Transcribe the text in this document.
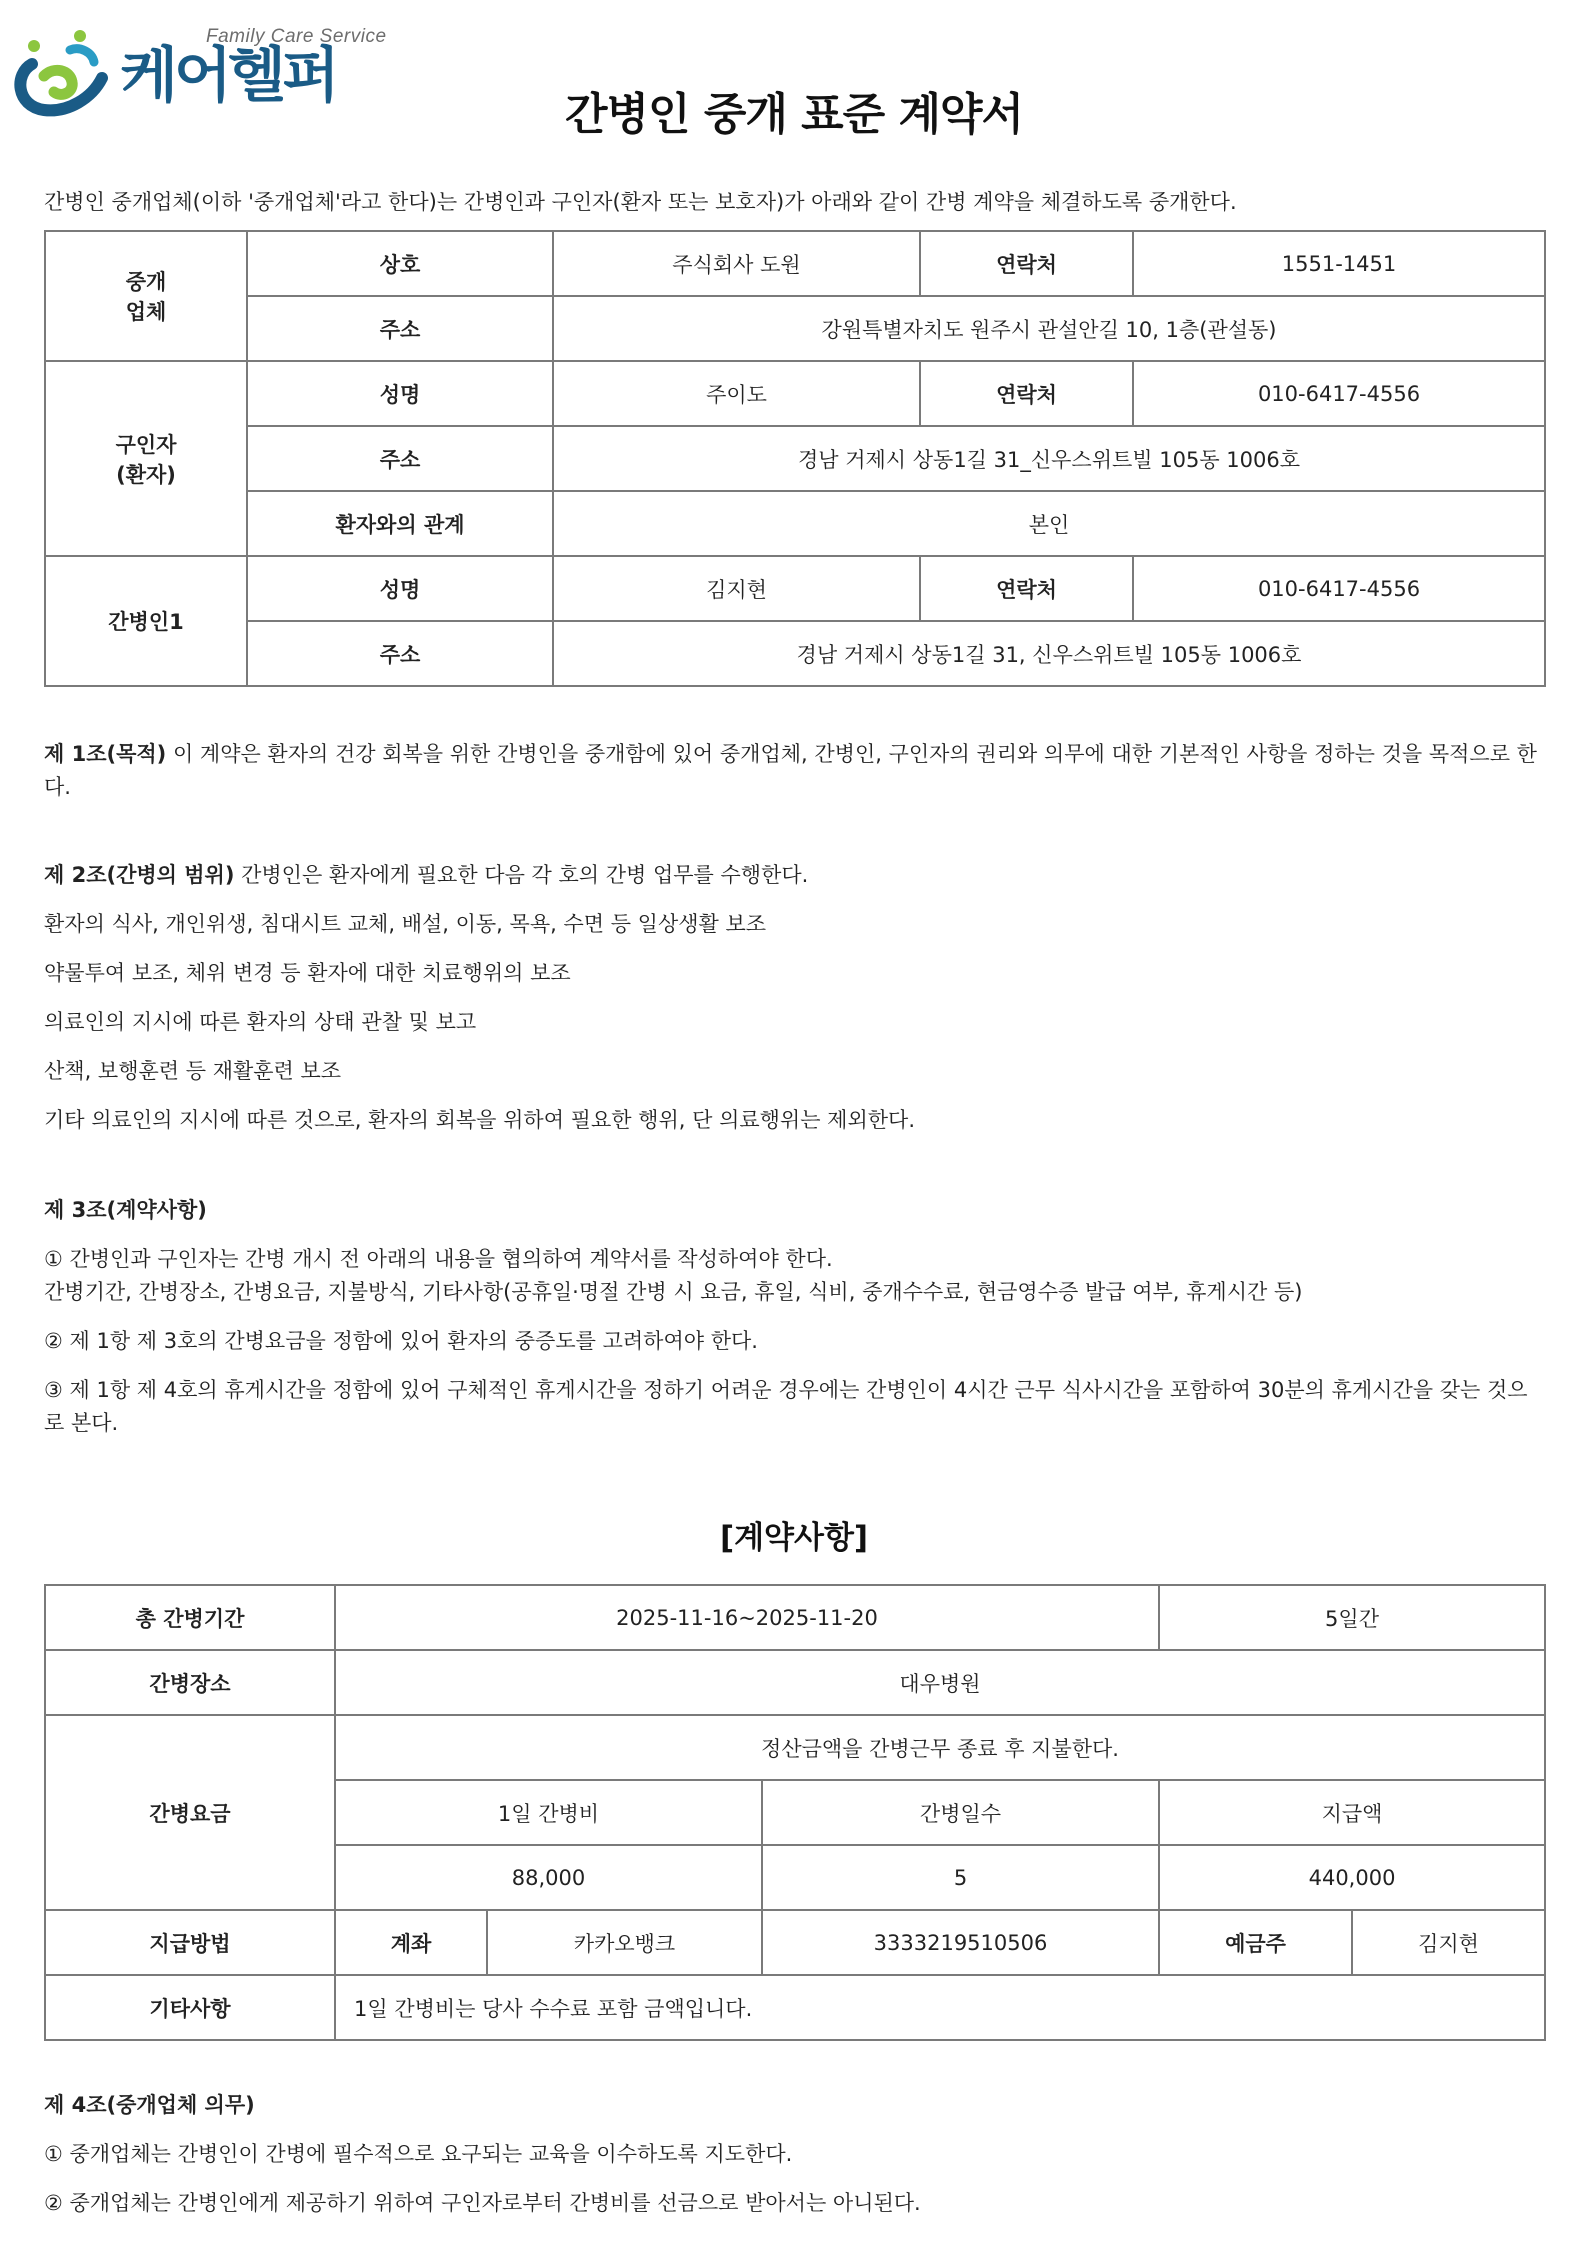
Family Care Service
케어헬퍼
간병인 중개 표준 계약서
간병인 중개업체(이하 '중개업체'라고 한다)는 간병인과 구인자(환자 또는 보호자)가 아래와 같이 간병 계약을 체결하도록 중개한다.
중개
업체	상호	주식회사 도원	연락처	1551-1451
	주소	강원특별자치도 원주시 관설안길 10, 1층(관설동)		
구인자
(환자)	성명	주이도	연락처	010-6417-4556
	주소	경남 거제시 상동1길 31_신우스위트빌 105동 1006호		
	환자와의 관계	본인		
간병인1	성명	김지현	연락처	010-6417-4556
	주소	경남 거제시 상동1길 31, 신우스위트빌 105동 1006호		
제 1조(목적) 이 계약은 환자의 건강 회복을 위한 간병인을 중개함에 있어 중개업체, 간병인, 구인자의 권리와 의무에 대한 기본적인 사항을 정하는 것을 목적으로 한다.
제 2조(간병의 범위) 간병인은 환자에게 필요한 다음 각 호의 간병 업무를 수행한다.
환자의 식사, 개인위생, 침대시트 교체, 배설, 이동, 목욕, 수면 등 일상생활 보조
약물투여 보조, 체위 변경 등 환자에 대한 치료행위의 보조
의료인의 지시에 따른 환자의 상태 관찰 및 보고
산책, 보행훈련 등 재활훈련 보조
기타 의료인의 지시에 따른 것으로, 환자의 회복을 위하여 필요한 행위, 단 의료행위는 제외한다.
제 3조(계약사항)
① 간병인과 구인자는 간병 개시 전 아래의 내용을 협의하여 계약서를 작성하여야 한다.
간병기간, 간병장소, 간병요금, 지불방식, 기타사항(공휴일·명절 간병 시 요금, 휴일, 식비, 중개수수료, 현금영수증 발급 여부, 휴게시간 등)
② 제 1항 제 3호의 간병요금을 정함에 있어 환자의 중증도를 고려하여야 한다.
③ 제 1항 제 4호의 휴게시간을 정함에 있어 구체적인 휴게시간을 정하기 어려운 경우에는 간병인이 4시간 근무 식사시간을 포함하여 30분의 휴게시간을 갖는 것으로 본다.
[계약사항]
총 간병기간	2025-11-16~2025-11-20			5일간	
간병장소	대우병원				
간병요금	정산금액을 간병근무 종료 후 지불한다.				
	1일 간병비		간병일수	지급액	
	88,000		5	440,000	
지급방법	계좌	카카오뱅크	3333219510506	예금주	김지현
기타사항	1일 간병비는 당사 수수료 포함 금액입니다.				
제 4조(중개업체 의무)
① 중개업체는 간병인이 간병에 필수적으로 요구되는 교육을 이수하도록 지도한다.
② 중개업체는 간병인에게 제공하기 위하여 구인자로부터 간병비를 선금으로 받아서는 아니된다.
